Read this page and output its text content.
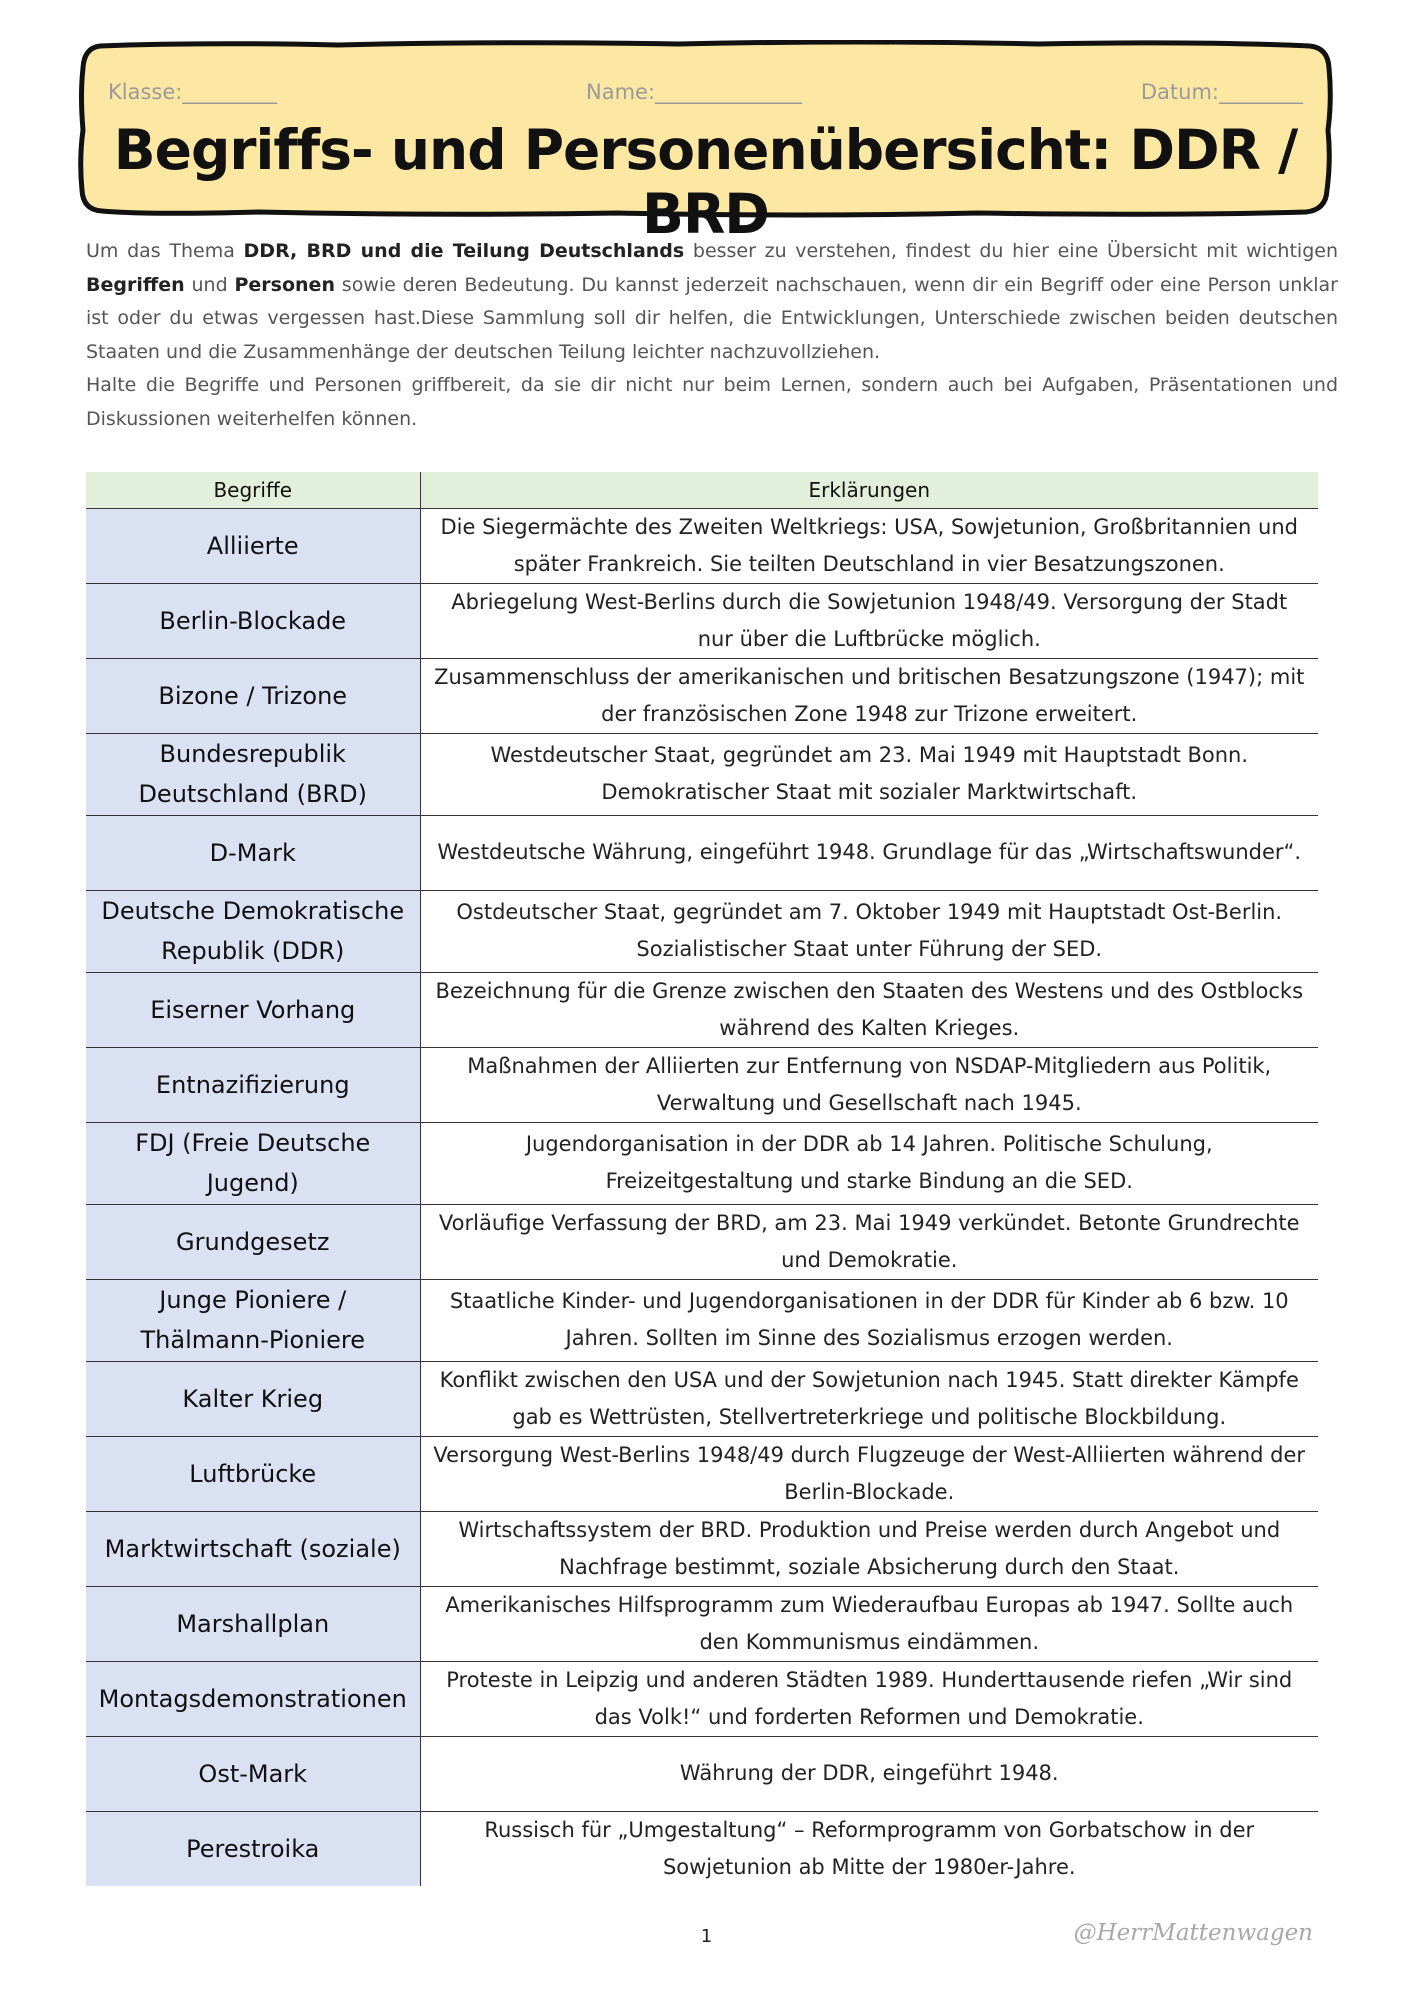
Klasse:_________	Name:______________	Datum:________
Begriffs- und Personenübersicht: DDR / BRD

Um das Thema DDR, BRD und die Teilung Deutschlands besser zu verstehen, findest du hier eine Übersicht mit wichtigen Begriffen und Personen sowie deren Bedeutung. Du kannst jederzeit nachschauen, wenn dir ein Begriff oder eine Person unklar ist oder du etwas vergessen hast.Diese Sammlung soll dir helfen, die Entwicklungen, Unterschiede zwischen beiden deutschen Staaten und die Zusammenhänge der deutschen Teilung leichter nachzuvollziehen.

Halte die Begriffe und Personen griffbereit, da sie dir nicht nur beim Lernen, sondern auch bei Aufgaben, Präsentationen und Diskussionen weiterhelfen können.

Begriffe	Erklärungen
Alliierte	Die Siegermächte des Zweiten Weltkriegs: USA, Sowjetunion, Großbritannien und später Frankreich. Sie teilten Deutschland in vier Besatzungszonen.
Berlin-Blockade	Abriegelung West-Berlins durch die Sowjetunion 1948/49. Versorgung der Stadt nur über die Luftbrücke möglich.
Bizone / Trizone	Zusammenschluss der amerikanischen und britischen Besatzungszone (1947); mit der französischen Zone 1948 zur Trizone erweitert.
Bundesrepublik Deutschland (BRD)	Westdeutscher Staat, gegründet am 23. Mai 1949 mit Hauptstadt Bonn. Demokratischer Staat mit sozialer Marktwirtschaft.
D-Mark	Westdeutsche Währung, eingeführt 1948. Grundlage für das „Wirtschaftswunder“.
Deutsche Demokratische Republik (DDR)	Ostdeutscher Staat, gegründet am 7. Oktober 1949 mit Hauptstadt Ost-Berlin. Sozialistischer Staat unter Führung der SED.
Eiserner Vorhang	Bezeichnung für die Grenze zwischen den Staaten des Westens und des Ostblocks während des Kalten Krieges.
Entnazifizierung	Maßnahmen der Alliierten zur Entfernung von NSDAP-Mitgliedern aus Politik, Verwaltung und Gesellschaft nach 1945.
FDJ (Freie Deutsche Jugend)	Jugendorganisation in der DDR ab 14 Jahren. Politische Schulung, Freizeitgestaltung und starke Bindung an die SED.
Grundgesetz	Vorläufige Verfassung der BRD, am 23. Mai 1949 verkündet. Betonte Grundrechte und Demokratie.
Junge Pioniere / Thälmann-Pioniere	Staatliche Kinder- und Jugendorganisationen in der DDR für Kinder ab 6 bzw. 10 Jahren. Sollten im Sinne des Sozialismus erzogen werden.
Kalter Krieg	Konflikt zwischen den USA und der Sowjetunion nach 1945. Statt direkter Kämpfe gab es Wettrüsten, Stellvertreterkriege und politische Blockbildung.
Luftbrücke	Versorgung West-Berlins 1948/49 durch Flugzeuge der West-Alliierten während der Berlin-Blockade.
Marktwirtschaft (soziale)	Wirtschaftssystem der BRD. Produktion und Preise werden durch Angebot und Nachfrage bestimmt, soziale Absicherung durch den Staat.
Marshallplan	Amerikanisches Hilfsprogramm zum Wiederaufbau Europas ab 1947. Sollte auch den Kommunismus eindämmen.
Montagsdemonstrationen	Proteste in Leipzig und anderen Städten 1989. Hunderttausende riefen „Wir sind das Volk!“ und forderten Reformen und Demokratie.
Ost-Mark	Währung der DDR, eingeführt 1948.
Perestroika	Russisch für „Umgestaltung“ – Reformprogramm von Gorbatschow in der Sowjetunion ab Mitte der 1980er-Jahre.
1	@HerrMattenwagen
